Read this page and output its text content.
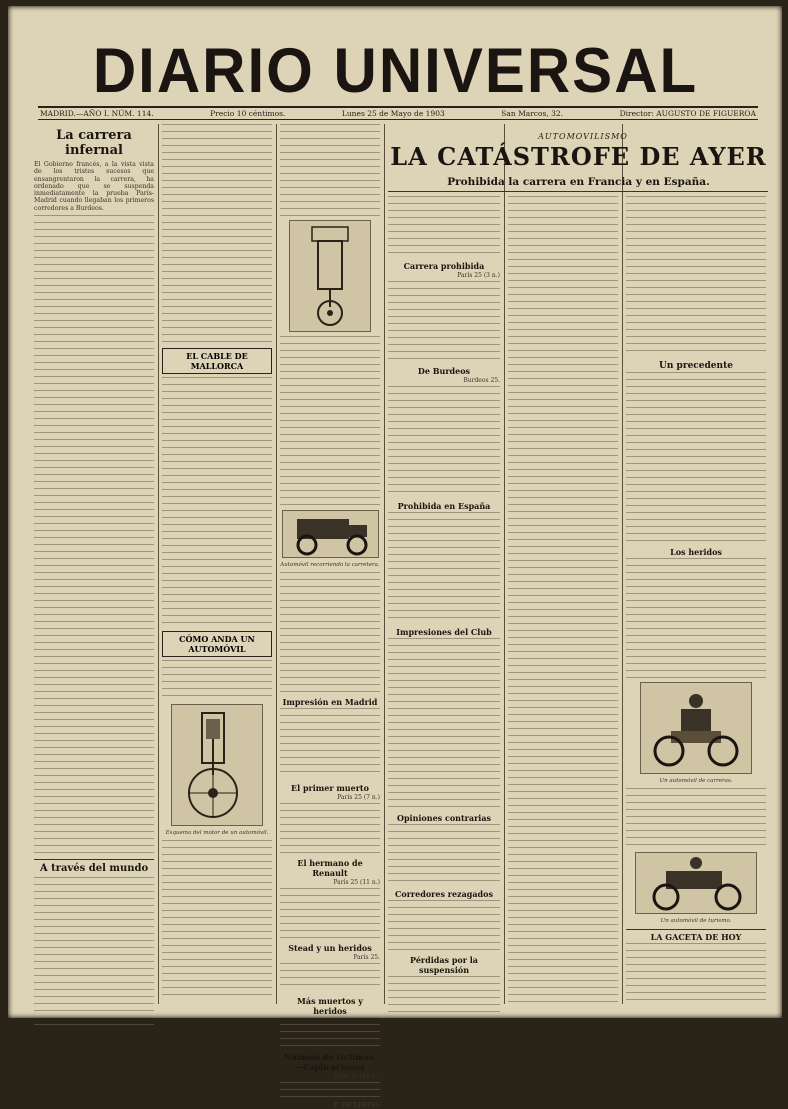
DIARIO UNIVERSAL
MADRID.—AÑO I. NÚM. 114.	Precio 10 céntimos.	Lunes 25 de Mayo de 1903	San Marcos, 32.	Director: AUGUSTO DE FIGUEROA
La carrera infernal

El Gobierno francés, a la vista vista de los tristes sucesos que ensangrentaron la carrera, ha ordenado que se suspenda inmediatamente la prueba París-Madrid cuando llegaban los primeros corredores a Burdeos.

A través del mundo
EL CABLE DE MALLORCA
CÓMO ANDA UN AUTOMÓVIL
Esquema del motor de un automóvil.
Automóvil recorriendo la carretera.
Impresión en Madrid
El primer muerto
París 25 (7 n.)
El hermano de Renault
París 25 (11 n.)
Stead y un heridos
París 25.
Más muertos y heridos
Número de víctimas.—Explicaciones
París 25 (11 n.)
F. DE LERINS
AUTOMOVILISMO
LA CATÁSTROFE DE AYER
Prohibida la carrera en Francia y en España.
Carrera prohibida
París 25 (3 n.)
De Burdeos
Burdeos 25.
Prohibida en España
Impresiones del Club
Opiniones contrarias
Corredores rezagados
Pérdidas por la suspensión
Un precedente
Los heridos
Un automóvil de carreras.
Un automóvil de turismo.
LA GACETA DE HOY
